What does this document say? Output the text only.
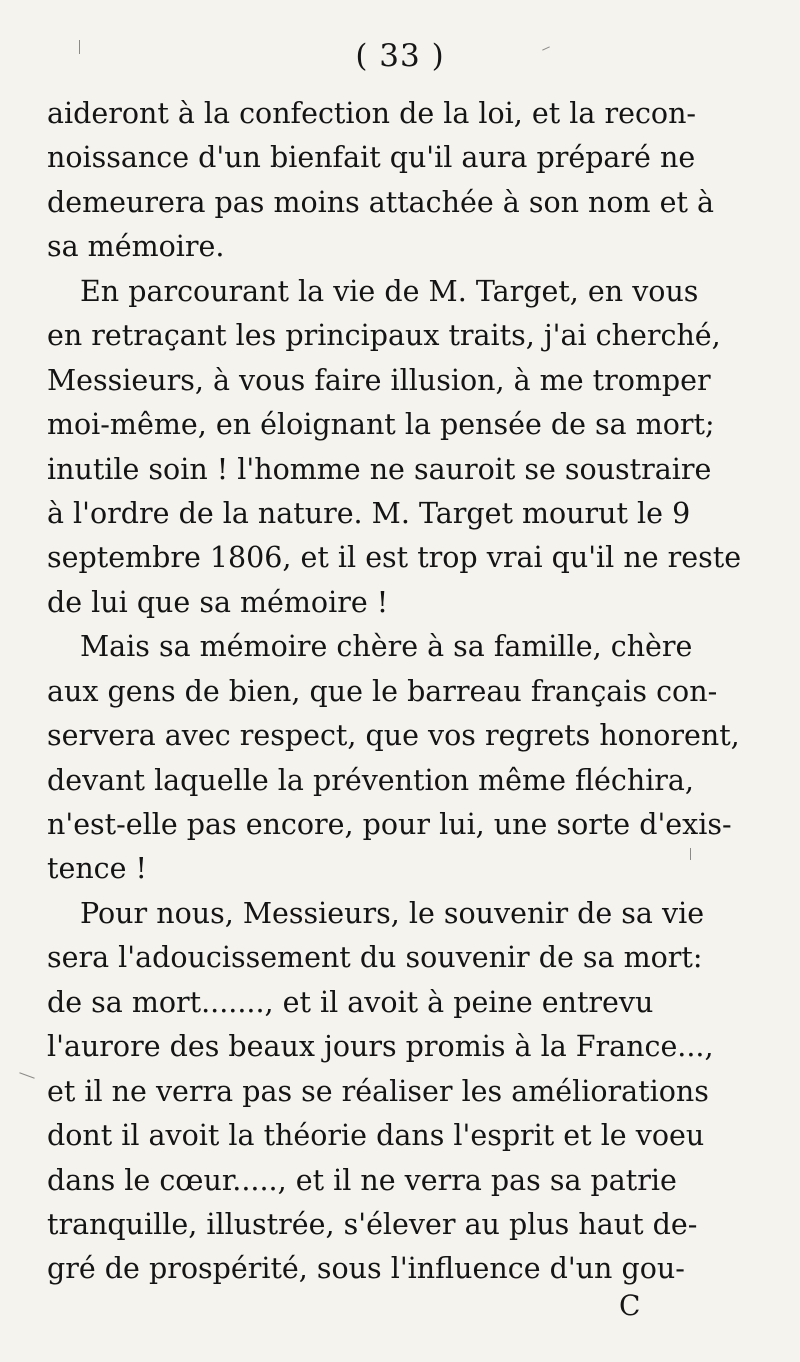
( 33 )
aideront à la confection de la loi, et la recon-
noissance d'un bienfait qu'il aura préparé ne
demeurera pas moins attachée à son nom et à
sa mémoire.
En parcourant la vie de M. Target, en vous
en retraçant les principaux traits, j'ai cherché,
Messieurs, à vous faire illusion, à me tromper
moi-même, en éloignant la pensée de sa mort;
inutile soin ! l'homme ne sauroit se soustraire
à l'ordre de la nature. M. Target mourut le 9
septembre 1806, et il est trop vrai qu'il ne reste
de lui que sa mémoire !
Mais sa mémoire chère à sa famille, chère
aux gens de bien, que le barreau français con-
servera avec respect, que vos regrets honorent,
devant laquelle la prévention même fléchira,
n'est-elle pas encore, pour lui, une sorte d'exis-
tence !
Pour nous, Messieurs, le souvenir de sa vie
sera l'adoucissement du souvenir de sa mort:
de sa mort......., et il avoit à peine entrevu
l'aurore des beaux jours promis à la France...,
et il ne verra pas se réaliser les améliorations
dont il avoit la théorie dans l'esprit et le voeu
dans le cœur....., et il ne verra pas sa patrie
tranquille, illustrée, s'élever au plus haut de-
gré de prospérité, sous l'influence d'un gou-
C
